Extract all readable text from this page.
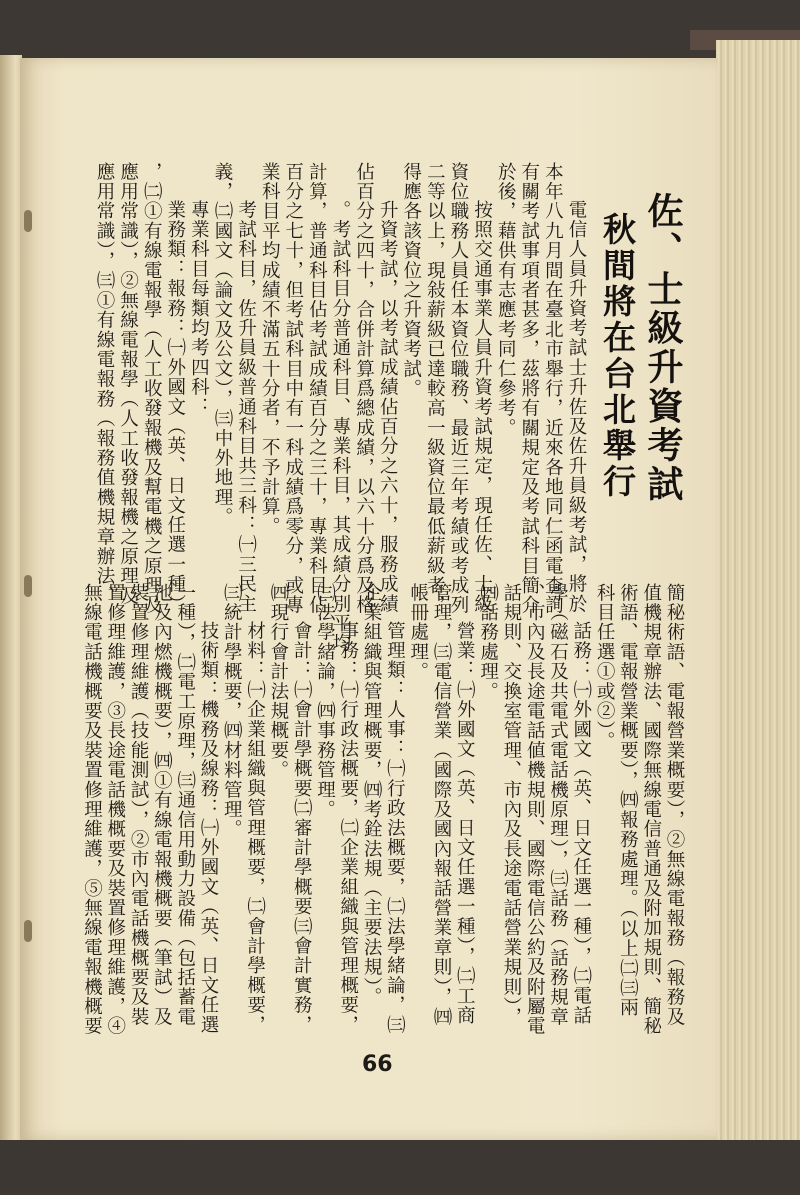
佐、士級升資考試
秋間將在台北舉行
電信人員升資考試士升佐及佐升員級考試，將於
本年八九月間在臺北市舉行，近來各地同仁函電查詢
有關考試事項者甚多，茲將有關規定及考試科目簡介
於後，藉供有志應考同仁參考。
按照交通事業人員升資考試規定，現任佐、士級
資位職務人員任本資位職務、最近三年考績或考成列
二等以上，現敍薪級已達較高一級資位最低薪級者，
得應各該資位之升資考試。
升資考試，以考試成績佔百分之六十，服務成績
佔百分之四十，合併計算爲總成績，以六十分爲及格
。考試科目分普通科目、專業科目，其成績分別平均
計算，普通科目佔考試成績百分之三十，專業科目佔
百分之七十，但考試科目中有一科成績爲零分，或專
業科目平均成績不滿五十分者，不予計算。
考試科目，佐升員級普通科目共三科：㈠三民主
義，㈡國文（論文及公文），㈢中外地理。
專業科目每類均考四科：
業務類：報務：㈠外國文（英、日文任選一種）
，㈡①有線電報學（人工收發報機及幫電機之原理及
應用常識），②無線電報學（人工收發報機之原理及
應用常識），㈢①有線電報務（報務值機規章辦法、
簡秘術語、電報營業概要），②無線電報務（報務及
值機規章辦法、國際無線電信普通及附加規則、簡秘
術語、電報營業概要），㈣報務處理。（以上㈡㈢兩
科目任選①或②）。
話務：㈠外國文（英、日文任選一種），㈡電話
學（磁石及共電式電話機原理），㈢話務（話務規章
、市內及長途電話値機規則、國際電信公約及附屬電
話規則、交換室管理、市內及長途電話營業規則），
㈣話務處理。
營業：㈠外國文（英、日文任選一種），㈡工商
管理，㈢電信營業（國際及國內報話營業章則），㈣
帳冊處理。
管理類：人事：㈠行政法概要，㈡法學緒論，㈢
企業組織與管理概要，㈣考銓法規（主要法規）。
事務：㈠行政法概要，㈡企業組織與管理概要，
㈢法學緒論，㈣事務管理。
會計：㈠會計學概要㈡審計學概要㈢會計實務，
㈣現行會計法規概要。
材料：㈠企業組織與管理概要，㈡會計學概要，
㈢統計學概要，㈣材料管理。
技術類：機務及線務：㈠外國文（英、日文任選
一種），㈡電工原理，㈢通信用動力設備（包括蓄電
池及內燃機概要），㈣①有線電報機概要（筆試）及
裝置修理維護（技能測試），②市內電話機概要及裝
置修理維護，③長途電話機概要及裝置修理維護，④
無線電話機概要及裝置修理維護，⑤無線電報機概要
66
